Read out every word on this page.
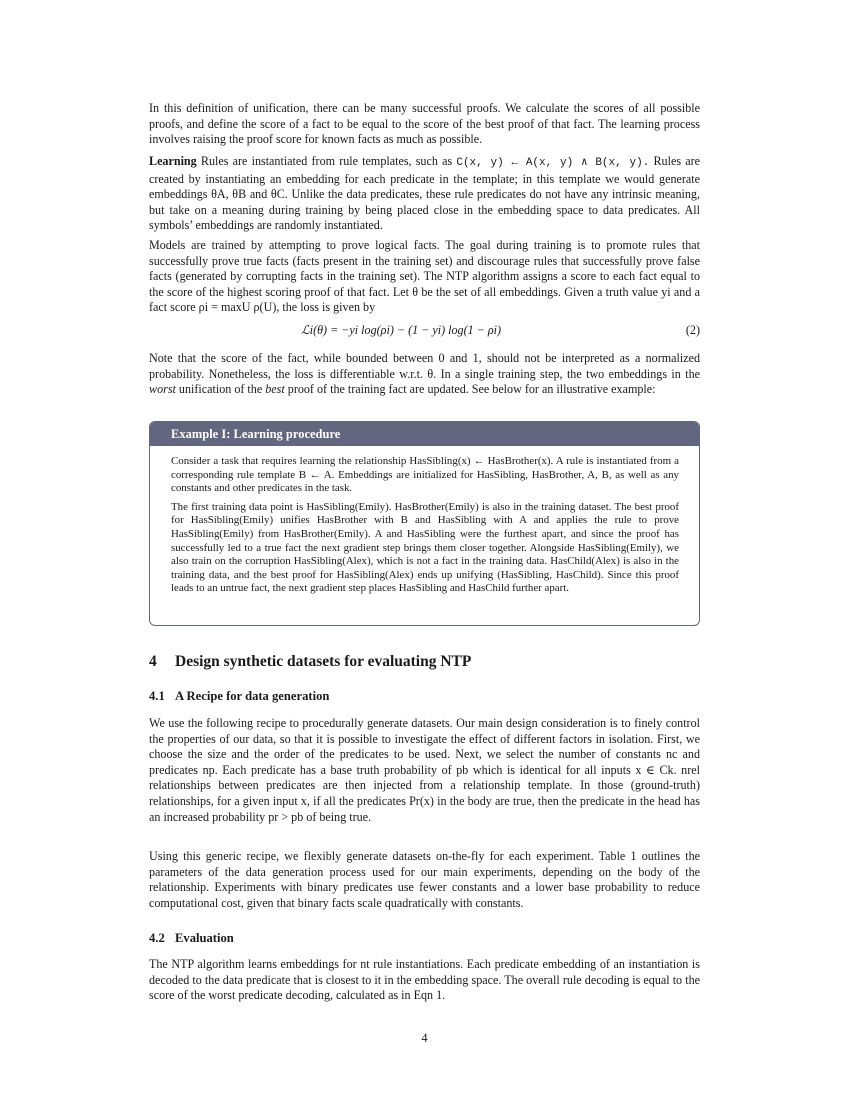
In this definition of unification, there can be many successful proofs. We calculate the scores of all possible proofs, and define the score of a fact to be equal to the score of the best proof of that fact. The learning process involves raising the proof score for known facts as much as possible.

Learning Rules are instantiated from rule templates, such as C(x, y) ← A(x, y) ∧ B(x, y). Rules are created by instantiating an embedding for each predicate in the template; in this template we would generate embeddings θA, θB and θC. Unlike the data predicates, these rule predicates do not have any intrinsic meaning, but take on a meaning during training by being placed close in the embedding space to data predicates. All symbols’ embeddings are randomly instantiated.

Models are trained by attempting to prove logical facts. The goal during training is to promote rules that successfully prove true facts (facts present in the training set) and discourage rules that successfully prove false facts (generated by corrupting facts in the training set). The NTP algorithm assigns a score to each fact equal to the score of the highest scoring proof of that fact. Let θ be the set of all embeddings. Given a truth value yi and a fact score ρi = maxU ρ(U), the loss is given by

ℒi(θ) = −yi log(ρi) − (1 − yi) log(1 − ρi)	(2)

Note that the score of the fact, while bounded between 0 and 1, should not be interpreted as a normalized probability. Nonetheless, the loss is differentiable w.r.t. θ. In a single training step, the two embeddings in the worst unification of the best proof of the training fact are updated. See below for an illustrative example:

Example I: Learning procedure

Consider a task that requires learning the relationship HasSibling(x) ← HasBrother(x). A rule is instantiated from a corresponding rule template B ← A. Embeddings are initialized for HasSibling, HasBrother, A, B, as well as any constants and other predicates in the task.

The first training data point is HasSibling(Emily). HasBrother(Emily) is also in the training dataset. The best proof for HasSibling(Emily) unifies HasBrother with B and HasSibling with A and applies the rule to prove HasSibling(Emily) from HasBrother(Emily). A and HasSibling were the furthest apart, and since the proof has successfully led to a true fact the next gradient step brings them closer together. Alongside HasSibling(Emily), we also train on the corruption HasSibling(Alex), which is not a fact in the training data. HasChild(Alex) is also in the training data, and the best proof for HasSibling(Alex) ends up unifying (HasSibling, HasChild). Since this proof leads to an untrue fact, the next gradient step places HasSibling and HasChild further apart.

4 Design synthetic datasets for evaluating NTP
4.1 A Recipe for data generation

We use the following recipe to procedurally generate datasets. Our main design consideration is to finely control the properties of our data, so that it is possible to investigate the effect of different factors in isolation. First, we choose the size and the order of the predicates to be used. Next, we select the number of constants nc and predicates np. Each predicate has a base truth probability of pb which is identical for all inputs x ∈ Ck. nrel relationships between predicates are then injected from a relationship template. In those (ground-truth) relationships, for a given input x, if all the predicates Pr(x) in the body are true, then the predicate in the head has an increased probability pr > pb of being true.

Using this generic recipe, we flexibly generate datasets on-the-fly for each experiment. Table 1 outlines the parameters of the data generation process used for our main experiments, depending on the body of the relationship. Experiments with binary predicates use fewer constants and a lower base probability to reduce computational cost, given that binary facts scale quadratically with constants.

4.2 Evaluation

The NTP algorithm learns embeddings for nt rule instantiations. Each predicate embedding of an instantiation is decoded to the data predicate that is closest to it in the embedding space. The overall rule decoding is equal to the score of the worst predicate decoding, calculated as in Eqn 1.

4
